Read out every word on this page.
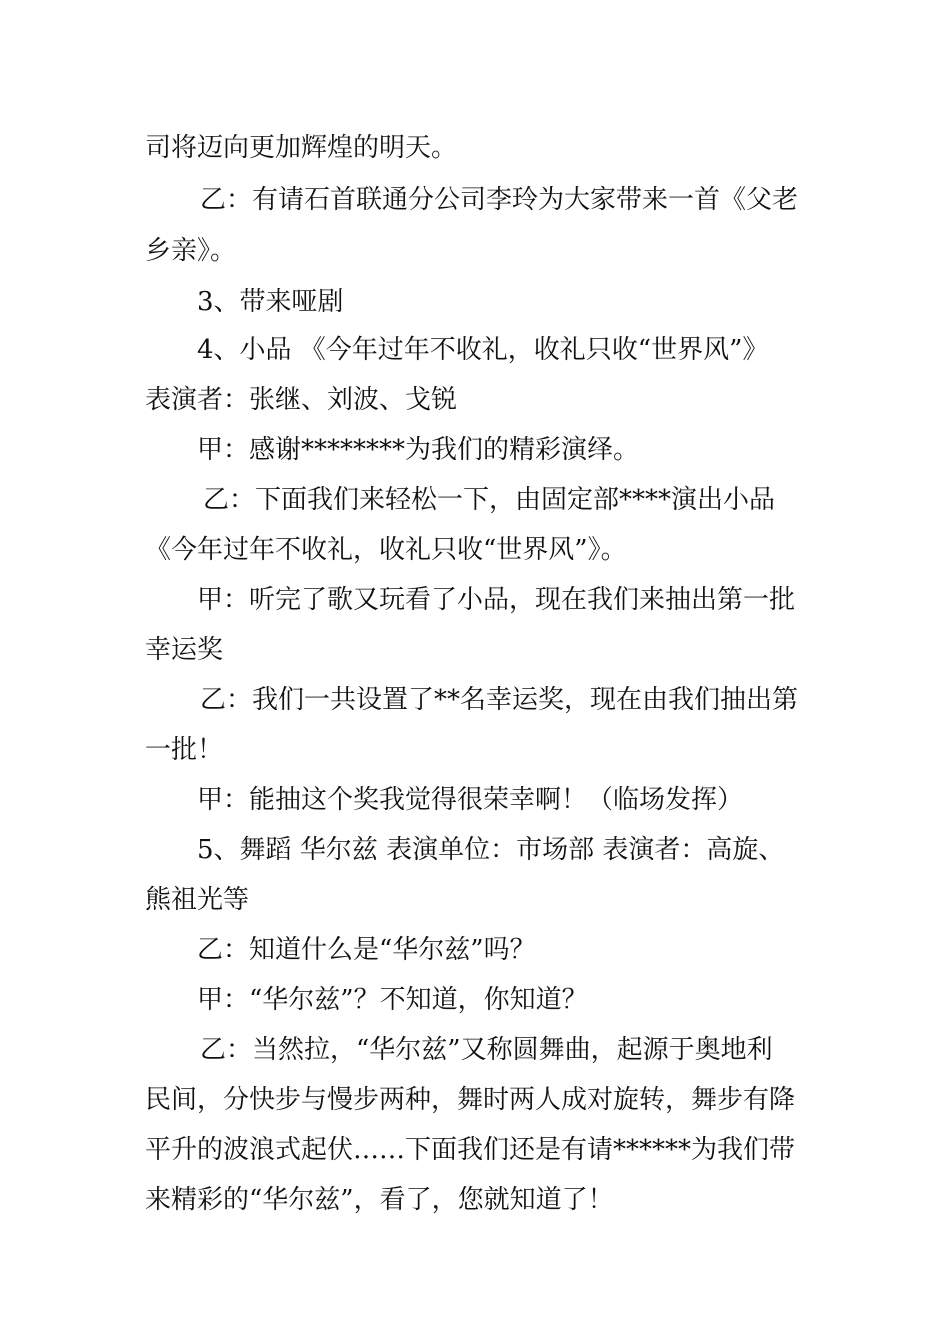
司将迈向更加辉煌的明天。
乙：有请石首联通分公司李玲为大家带来一首《父老
乡亲》。
3、带来哑剧
4、小品 《今年过年不收礼，收礼只收“世界风”》
表演者：张继、刘波、戈锐
甲：感谢********为我们的精彩演绎。
乙：下面我们来轻松一下，由固定部****演出小品
《今年过年不收礼，收礼只收“世界风”》。
甲：听完了歌又玩看了小品，现在我们来抽出第一批
幸运奖
乙：我们一共设置了**名幸运奖，现在由我们抽出第
一批！
甲：能抽这个奖我觉得很荣幸啊！（临场发挥）
5、舞蹈 华尔兹 表演单位：市场部 表演者：高旋、
熊祖光等
乙：知道什么是“华尔兹”吗？
甲：“华尔兹”？不知道，你知道？
乙：当然拉，“华尔兹”又称圆舞曲，起源于奥地利
民间，分快步与慢步两种，舞时两人成对旋转，舞步有降
平升的波浪式起伏……下面我们还是有请******为我们带
来精彩的“华尔兹”，看了，您就知道了！
